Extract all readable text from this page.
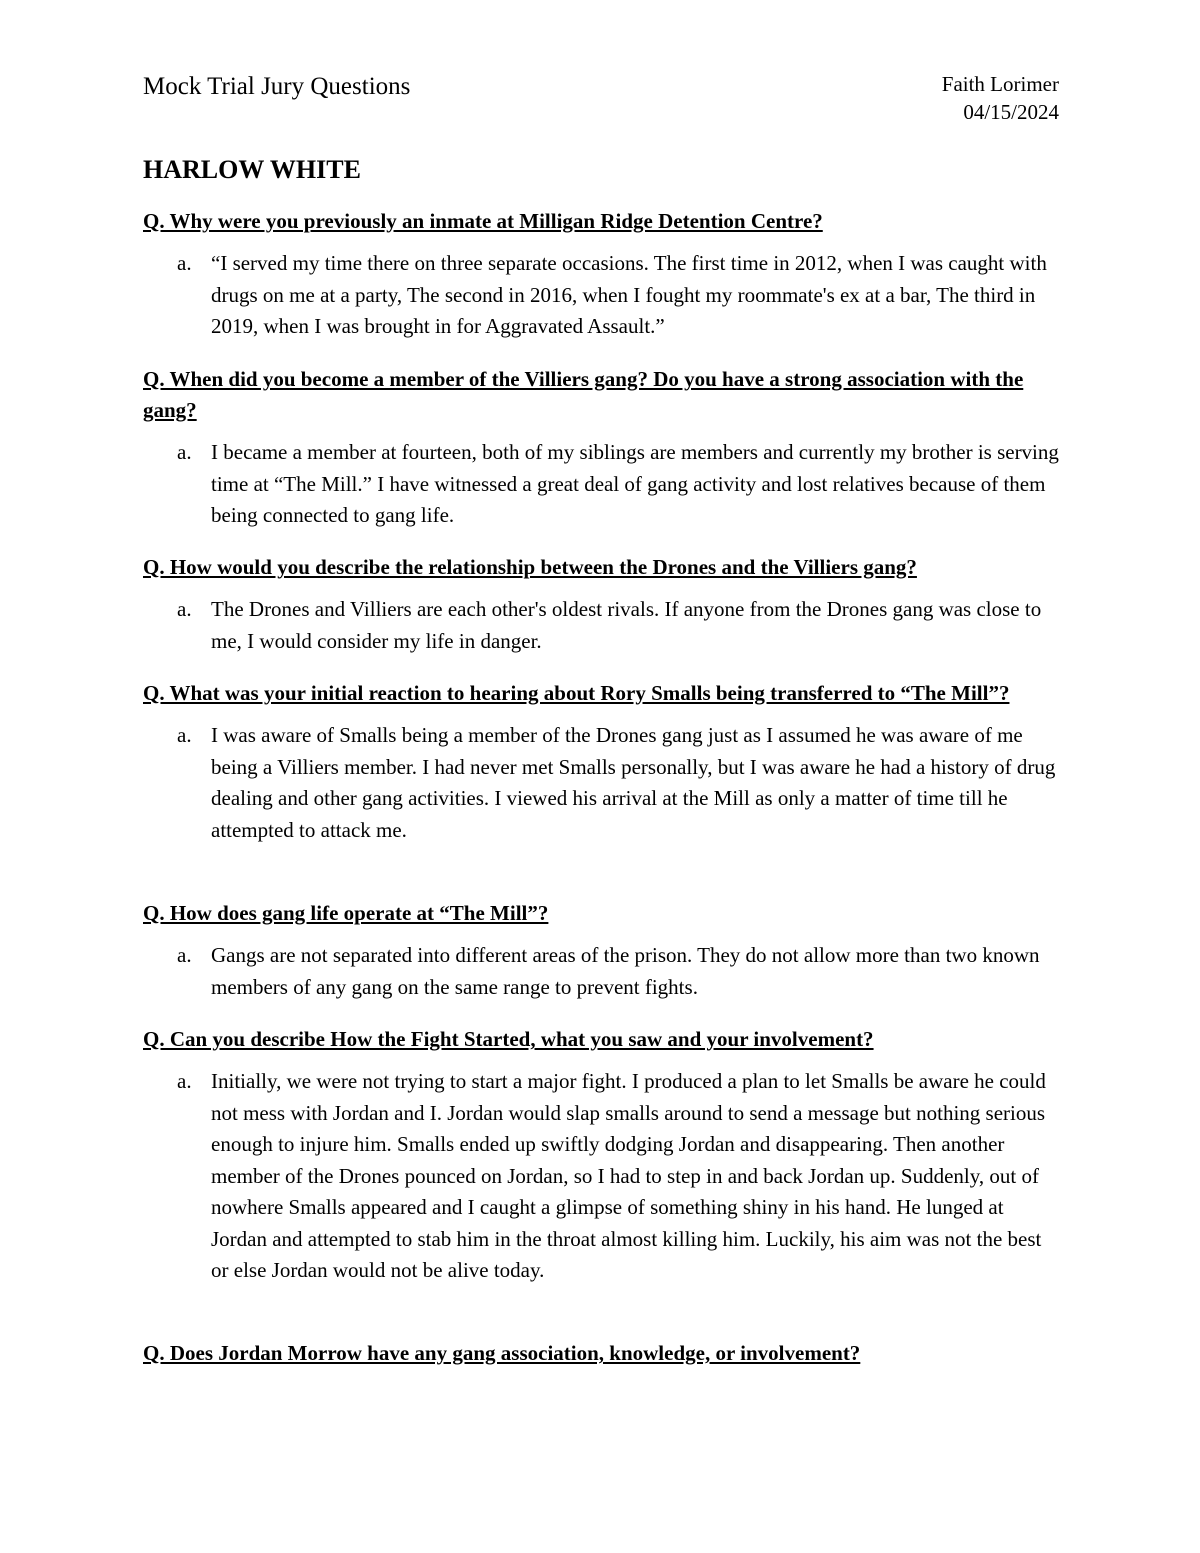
Mock Trial Jury Questions	Faith Lorimer
04/15/2024
HARLOW WHITE

Q. Why were you previously an inmate at Milligan Ridge Detention Centre?

a. “I served my time there on three separate occasions. The first time in 2012, when I was caught with drugs on me at a party, The second in 2016, when I fought my roommate's ex at a bar, The third in 2019, when I was brought in for Aggravated Assault.”

Q. When did you become a member of the Villiers gang? Do you have a strong association with the gang?

a. I became a member at fourteen, both of my siblings are members and currently my brother is serving time at “The Mill.” I have witnessed a great deal of gang activity and lost relatives because of them being connected to gang life.

Q. How would you describe the relationship between the Drones and the Villiers gang?

a. The Drones and Villiers are each other's oldest rivals. If anyone from the Drones gang was close to me, I would consider my life in danger.

Q. What was your initial reaction to hearing about Rory Smalls being transferred to “The Mill”?

a. I was aware of Smalls being a member of the Drones gang just as I assumed he was aware of me being a Villiers member. I had never met Smalls personally, but I was aware he had a history of drug dealing and other gang activities. I viewed his arrival at the Mill as only a matter of time till he attempted to attack me.

Q. How does gang life operate at “The Mill”?

a. Gangs are not separated into different areas of the prison. They do not allow more than two known members of any gang on the same range to prevent fights.

Q. Can you describe How the Fight Started, what you saw and your involvement?

a. Initially, we were not trying to start a major fight. I produced a plan to let Smalls be aware he could not mess with Jordan and I. Jordan would slap smalls around to send a message but nothing serious enough to injure him. Smalls ended up swiftly dodging Jordan and disappearing. Then another member of the Drones pounced on Jordan, so I had to step in and back Jordan up. Suddenly, out of nowhere Smalls appeared and I caught a glimpse of something shiny in his hand. He lunged at Jordan and attempted to stab him in the throat almost killing him. Luckily, his aim was not the best or else Jordan would not be alive today.

Q. Does Jordan Morrow have any gang association, knowledge, or involvement?
